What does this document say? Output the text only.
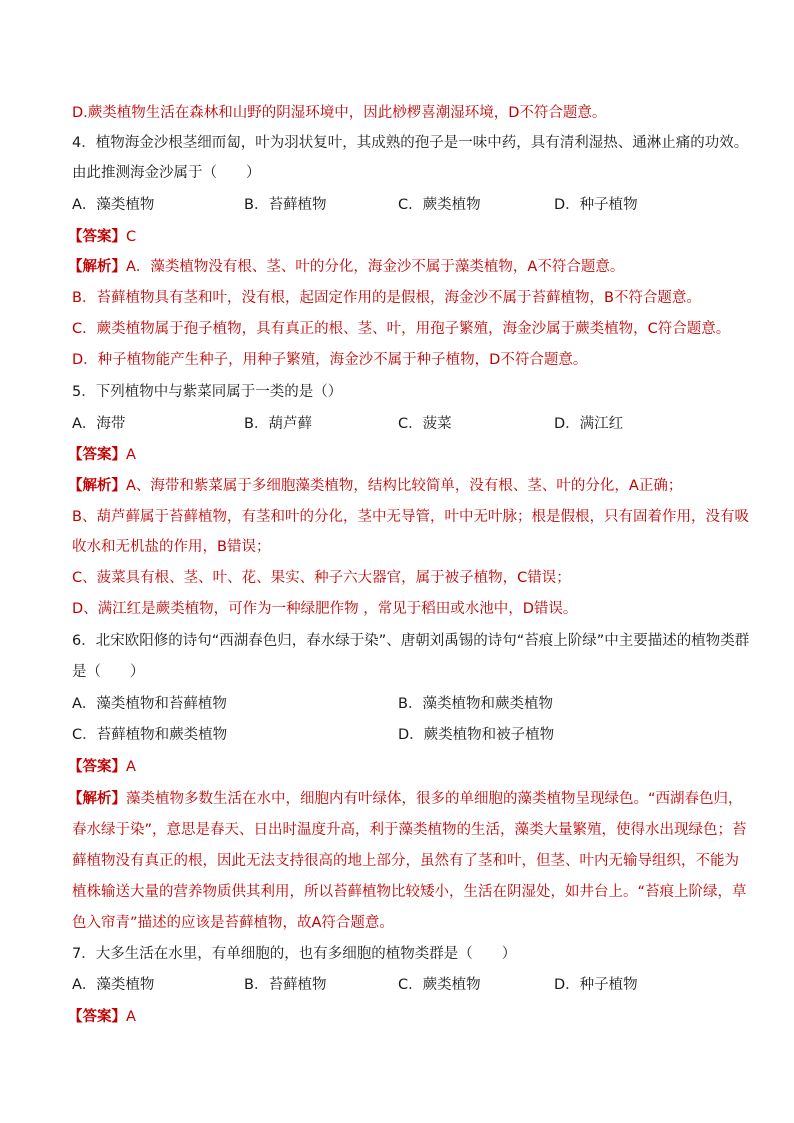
D.蕨类植物生活在森林和山野的阴湿环境中，因此桫椤喜潮湿环境，D不符合题意。
4．植物海金沙根茎细而匐，叶为羽状复叶，其成熟的孢子是一味中药，具有清利湿热、通淋止痛的功效。
由此推测海金沙属于（　　）
A．藻类植物	B．苔藓植物	C．蕨类植物	D．种子植物
【答案】C
【解析】A．藻类植物没有根、茎、叶的分化，海金沙不属于藻类植物，A不符合题意。
B．苔藓植物具有茎和叶，没有根，起固定作用的是假根，海金沙不属于苔藓植物，B不符合题意。
C．蕨类植物属于孢子植物，具有真正的根、茎、叶，用孢子繁殖，海金沙属于蕨类植物，C符合题意。
D．种子植物能产生种子，用种子繁殖，海金沙不属于种子植物，D不符合题意。
5．下列植物中与紫菜同属于一类的是（）
A．海带	B．葫芦藓	C．菠菜	D．满江红
【答案】A
【解析】A、海带和紫菜属于多细胞藻类植物，结构比较简单，没有根、茎、叶的分化，A正确；
B、葫芦藓属于苔藓植物，有茎和叶的分化，茎中无导管，叶中无叶脉；根是假根，只有固着作用，没有吸
收水和无机盐的作用，B错误；
C、菠菜具有根、茎、叶、花、果实、种子六大器官，属于被子植物，C错误；
D、满江红是蕨类植物，可作为一种绿肥作物 ，常见于稻田或水池中，D错误。
6．北宋欧阳修的诗句“西湖春色归，春水绿于染”、唐朝刘禹锡的诗句“苔痕上阶绿”中主要描述的植物类群
是（　　）
A．藻类植物和苔藓植物	B．藻类植物和蕨类植物
C．苔藓植物和蕨类植物	D．蕨类植物和被子植物
【答案】A
【解析】藻类植物多数生活在水中，细胞内有叶绿体，很多的单细胞的藻类植物呈现绿色。“西湖春色归，
春水绿于染”，意思是春天、日出时温度升高，利于藻类植物的生活，藻类大量繁殖，使得水出现绿色；苔
藓植物没有真正的根，因此无法支持很高的地上部分，虽然有了茎和叶，但茎、叶内无输导组织，不能为
植株输送大量的营养物质供其利用，所以苔藓植物比较矮小，生活在阴湿处，如井台上。“苔痕上阶绿，草
色入帘青”描述的应该是苔藓植物，故A符合题意。
7．大多生活在水里，有单细胞的，也有多细胞的植物类群是（　　）
A．藻类植物	B．苔藓植物	C．蕨类植物	D．种子植物
【答案】A
